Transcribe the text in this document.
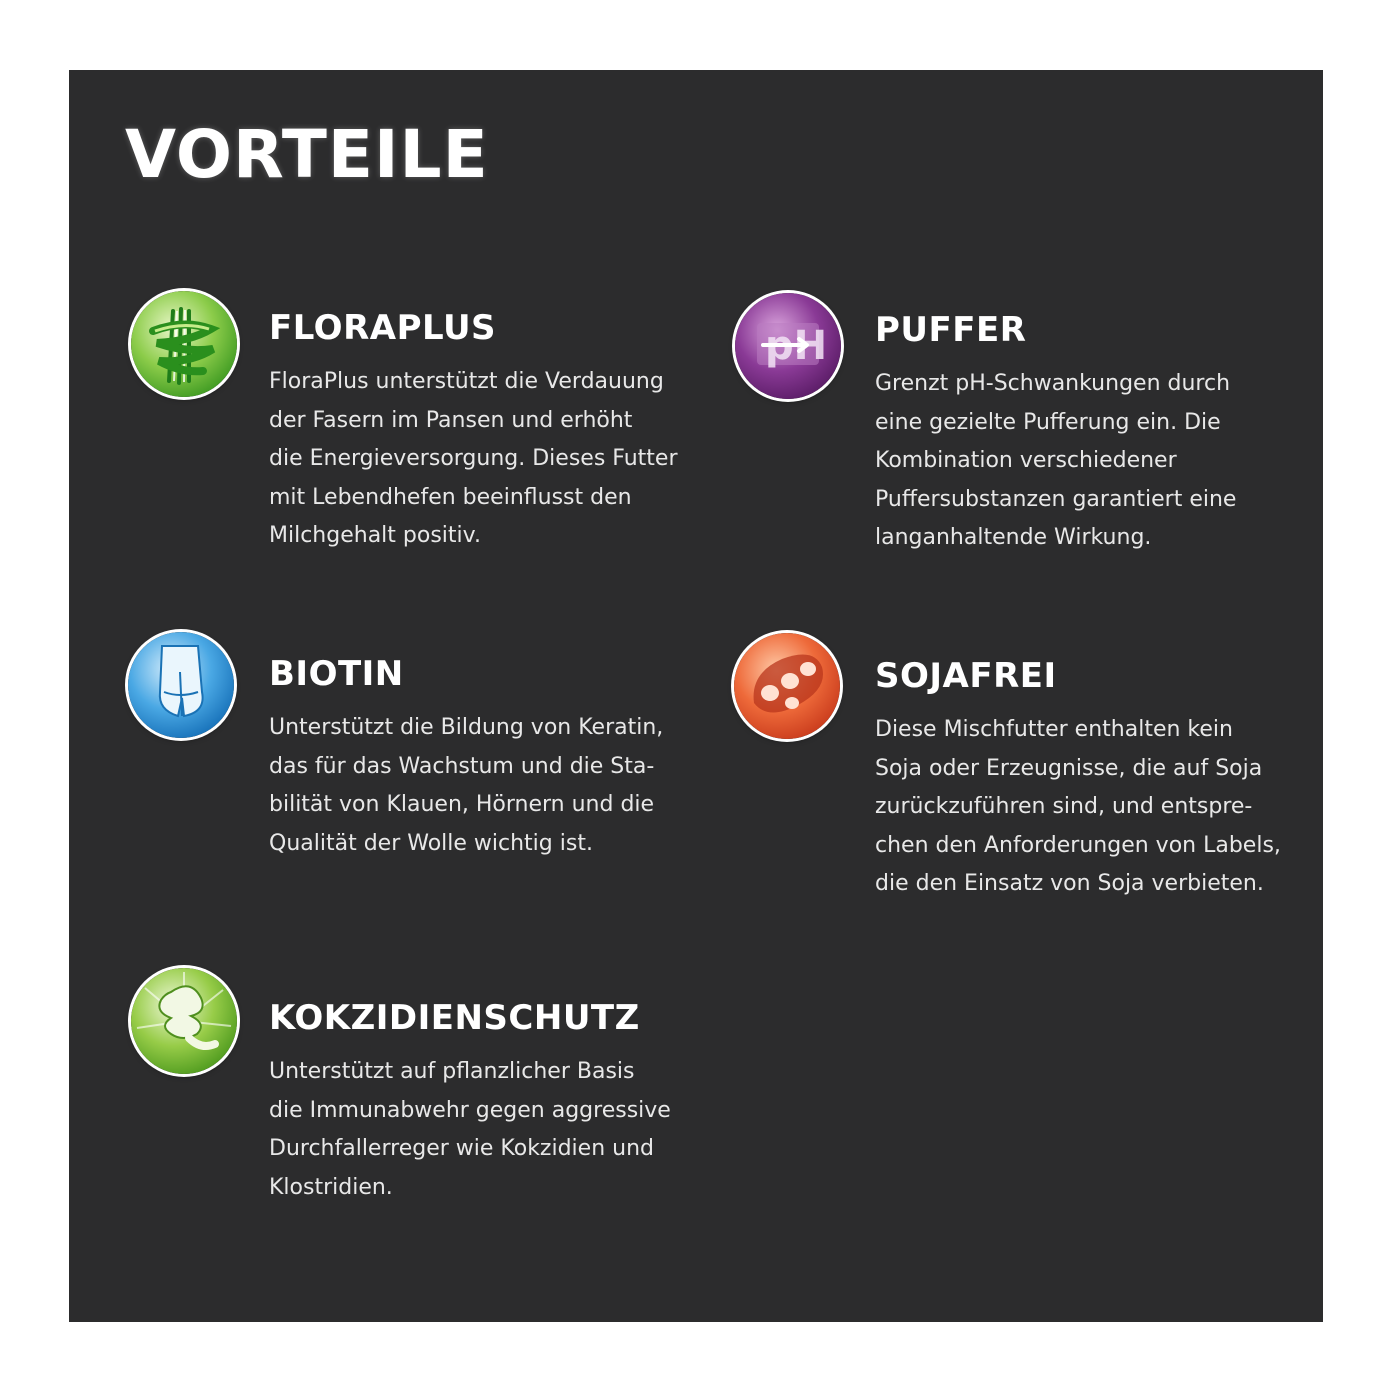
VORTEILE
FLORAPLUS

FloraPlus unterstützt die Verdauung
der Fasern im Pansen und erhöht
die Energieversorgung. Dieses Futter
mit Lebendhefen beeinflusst den
Milchgehalt positiv.

pH PUFFER

Grenzt pH-Schwankungen durch
eine gezielte Pufferung ein. Die
Kombination verschiedener
Puffersubstanzen garantiert eine
langanhaltende Wirkung.

BIOTIN

Unterstützt die Bildung von Keratin,
das für das Wachstum und die Sta-
bilität von Klauen, Hörnern und die
Qualität der Wolle wichtig ist.

SOJAFREI

Diese Mischfutter enthalten kein
Soja oder Erzeugnisse, die auf Soja
zurückzuführen sind, und entspre-
chen den Anforderungen von Labels,
die den Einsatz von Soja verbieten.

KOKZIDIENSCHUTZ

Unterstützt auf pflanzlicher Basis
die Immunabwehr gegen aggressive
Durchfallerreger wie Kokzidien und
Klostridien.
